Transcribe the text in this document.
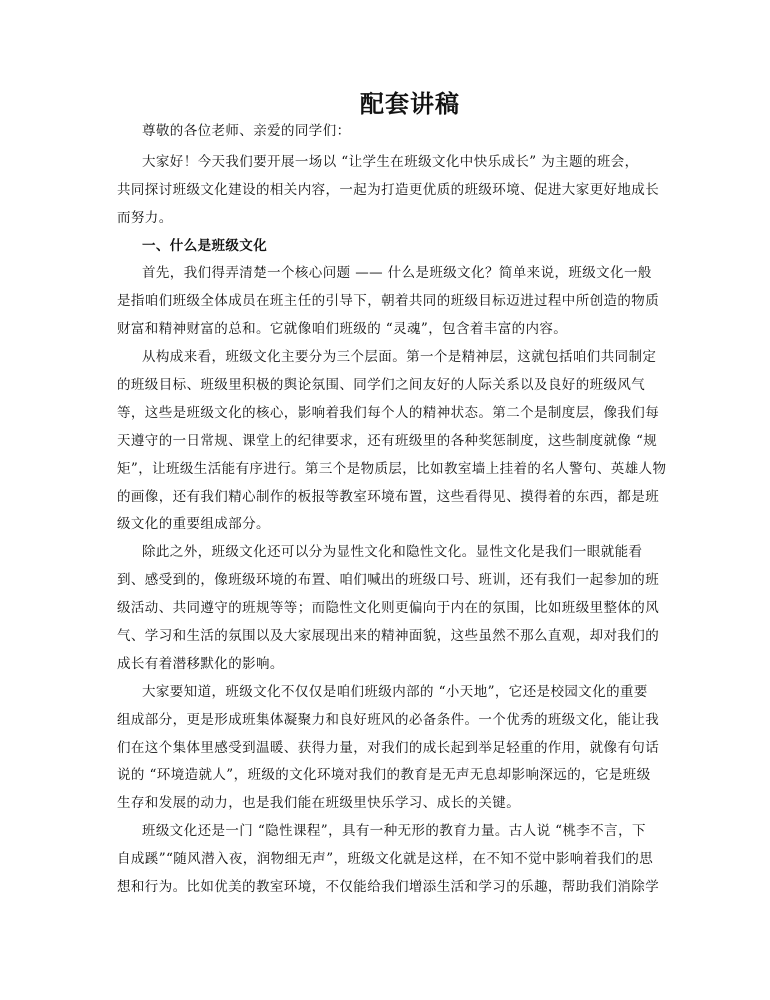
配套讲稿
尊敬的各位老师、亲爱的同学们：
大家好！今天我们要开展一场以 “让学生在班级文化中快乐成长” 为主题的班会，
共同探讨班级文化建设的相关内容，一起为打造更优质的班级环境、促进大家更好地成长
而努力。
一、什么是班级文化
首先，我们得弄清楚一个核心问题 —— 什么是班级文化？简单来说，班级文化一般
是指咱们班级全体成员在班主任的引导下，朝着共同的班级目标迈进过程中所创造的物质
财富和精神财富的总和。它就像咱们班级的 “灵魂”，包含着丰富的内容。
从构成来看，班级文化主要分为三个层面。第一个是精神层，这就包括咱们共同制定
的班级目标、班级里积极的舆论氛围、同学们之间友好的人际关系以及良好的班级风气
等，这些是班级文化的核心，影响着我们每个人的精神状态。第二个是制度层，像我们每
天遵守的一日常规、课堂上的纪律要求，还有班级里的各种奖惩制度，这些制度就像 “规
矩”，让班级生活能有序进行。第三个是物质层，比如教室墙上挂着的名人警句、英雄人物
的画像，还有我们精心制作的板报等教室环境布置，这些看得见、摸得着的东西，都是班
级文化的重要组成部分。
除此之外，班级文化还可以分为显性文化和隐性文化。显性文化是我们一眼就能看
到、感受到的，像班级环境的布置、咱们喊出的班级口号、班训，还有我们一起参加的班
级活动、共同遵守的班规等等；而隐性文化则更偏向于内在的氛围，比如班级里整体的风
气、学习和生活的氛围以及大家展现出来的精神面貌，这些虽然不那么直观，却对我们的
成长有着潜移默化的影响。
大家要知道，班级文化不仅仅是咱们班级内部的 “小天地”，它还是校园文化的重要
组成部分，更是形成班集体凝聚力和良好班风的必备条件。一个优秀的班级文化，能让我
们在这个集体里感受到温暖、获得力量，对我们的成长起到举足轻重的作用，就像有句话
说的 “环境造就人”，班级的文化环境对我们的教育是无声无息却影响深远的，它是班级
生存和发展的动力，也是我们能在班级里快乐学习、成长的关键。
班级文化还是一门 “隐性课程”，具有一种无形的教育力量。古人说 “桃李不言，下
自成蹊”“随风潜入夜，润物细无声”，班级文化就是这样，在不知不觉中影响着我们的思
想和行为。比如优美的教室环境，不仅能给我们增添生活和学习的乐趣，帮助我们消除学
